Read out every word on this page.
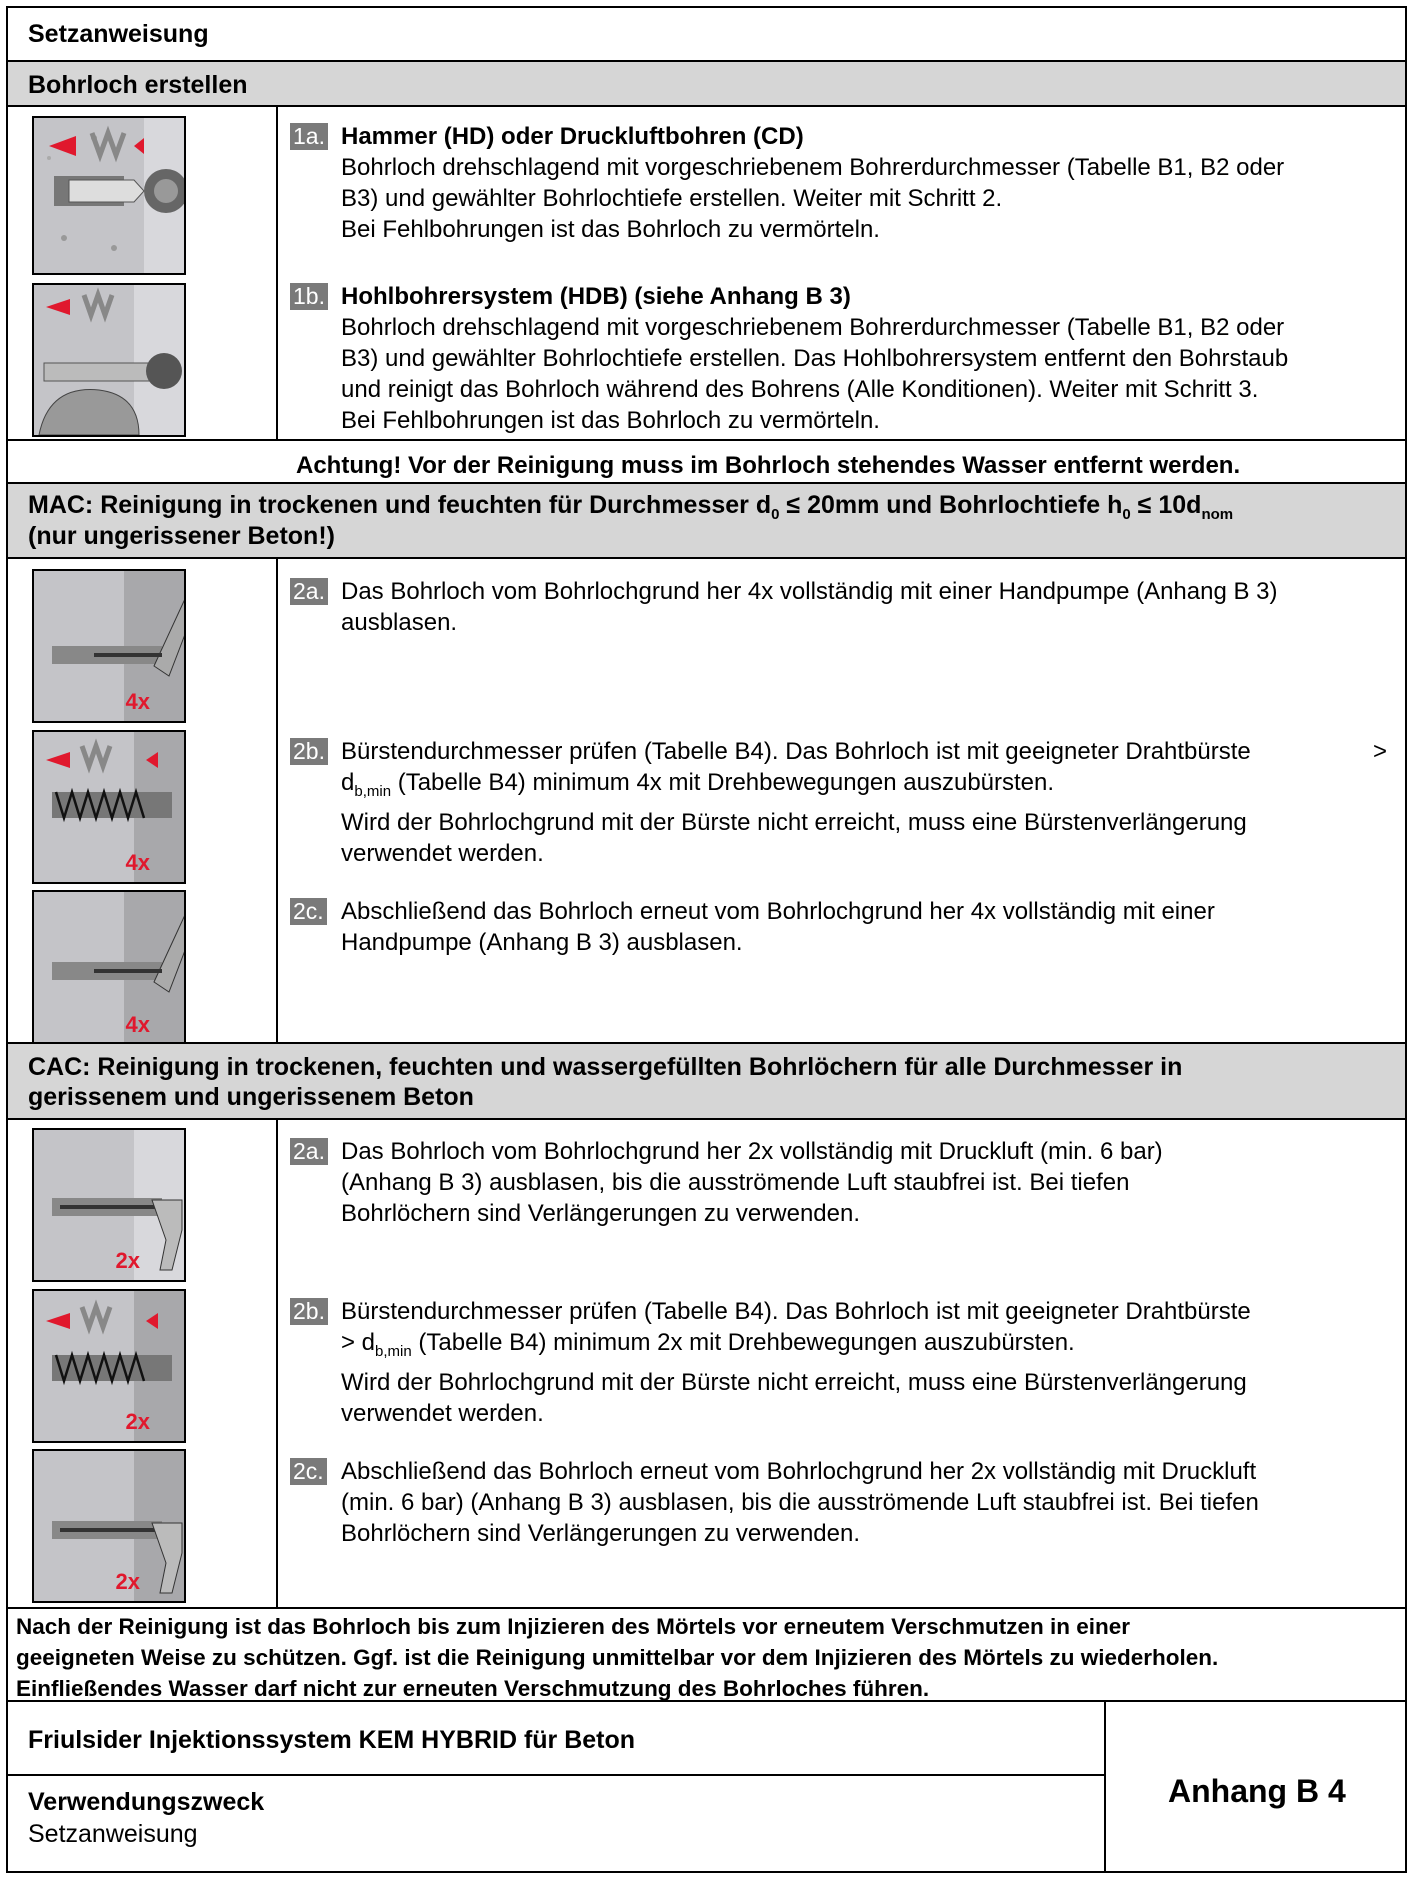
Setzanweisung
Bohrloch erstellen
1a. Hammer (HD) oder Druckluftbohren (CD)
Bohrloch drehschlagend mit vorgeschriebenem Bohrerdurchmesser (Tabelle B1, B2 oder
B3) und gewählter Bohrlochtiefe erstellen. Weiter mit Schritt 2.
Bei Fehlbohrungen ist das Bohrloch zu vermörteln.
1b. Hohlbohrersystem (HDB) (siehe Anhang B 3)
Bohrloch drehschlagend mit vorgeschriebenem Bohrerdurchmesser (Tabelle B1, B2 oder
B3) und gewählter Bohrlochtiefe erstellen. Das Hohlbohrersystem entfernt den Bohrstaub
und reinigt das Bohrloch während des Bohrens (Alle Konditionen). Weiter mit Schritt 3.
Bei Fehlbohrungen ist das Bohrloch zu vermörteln.
Achtung! Vor der Reinigung muss im Bohrloch stehendes Wasser entfernt werden.
MAC: Reinigung in trockenen und feuchten für Durchmesser $d_0 \le 20mm$ und Bohrlochtiefe $h_0 \le 10d_{nom}$
(nur ungerissener Beton!)
4x
4x
4x
2a. Das Bohrloch vom Bohrlochgrund her 4x vollständig mit einer Handpumpe (Anhang B 3)
ausblasen.
2b.	>
Bürstendurchmesser prüfen (Tabelle B4). Das Bohrloch ist mit geeigneter Drahtbürste
$d_{b,min}$ (Tabelle B4) minimum 4x mit Drehbewegungen auszubürsten.
Wird der Bohrlochgrund mit der Bürste nicht erreicht, muss eine Bürstenverlängerung
verwendet werden.
2c. Abschließend das Bohrloch erneut vom Bohrlochgrund her 4x vollständig mit einer
Handpumpe (Anhang B 3) ausblasen.
CAC: Reinigung in trockenen, feuchten und wassergefüllten Bohrlöchern für alle Durchmesser in
gerissenem und ungerissenem Beton
2x
2x
2x
2a. Das Bohrloch vom Bohrlochgrund her 2x vollständig mit Druckluft (min. 6 bar)
(Anhang B 3) ausblasen, bis die ausströmende Luft staubfrei ist. Bei tiefen
Bohrlöchern sind Verlängerungen zu verwenden.
2b. Bürstendurchmesser prüfen (Tabelle B4). Das Bohrloch ist mit geeigneter Drahtbürste
> $d_{b,min}$ (Tabelle B4) minimum 2x mit Drehbewegungen auszubürsten.
Wird der Bohrlochgrund mit der Bürste nicht erreicht, muss eine Bürstenverlängerung
verwendet werden.
2c. Abschließend das Bohrloch erneut vom Bohrlochgrund her 2x vollständig mit Druckluft
(min. 6 bar) (Anhang B 3) ausblasen, bis die ausströmende Luft staubfrei ist. Bei tiefen
Bohrlöchern sind Verlängerungen zu verwenden.
Nach der Reinigung ist das Bohrloch bis zum Injizieren des Mörtels vor erneutem Verschmutzen in einer
geeigneten Weise zu schützen. Ggf. ist die Reinigung unmittelbar vor dem Injizieren des Mörtels zu wiederholen.
Einfließendes Wasser darf nicht zur erneuten Verschmutzung des Bohrloches führen.
Friulsider Injektionssystem KEM HYBRID für Beton
Verwendungszweck
Setzanweisung
Anhang B 4
